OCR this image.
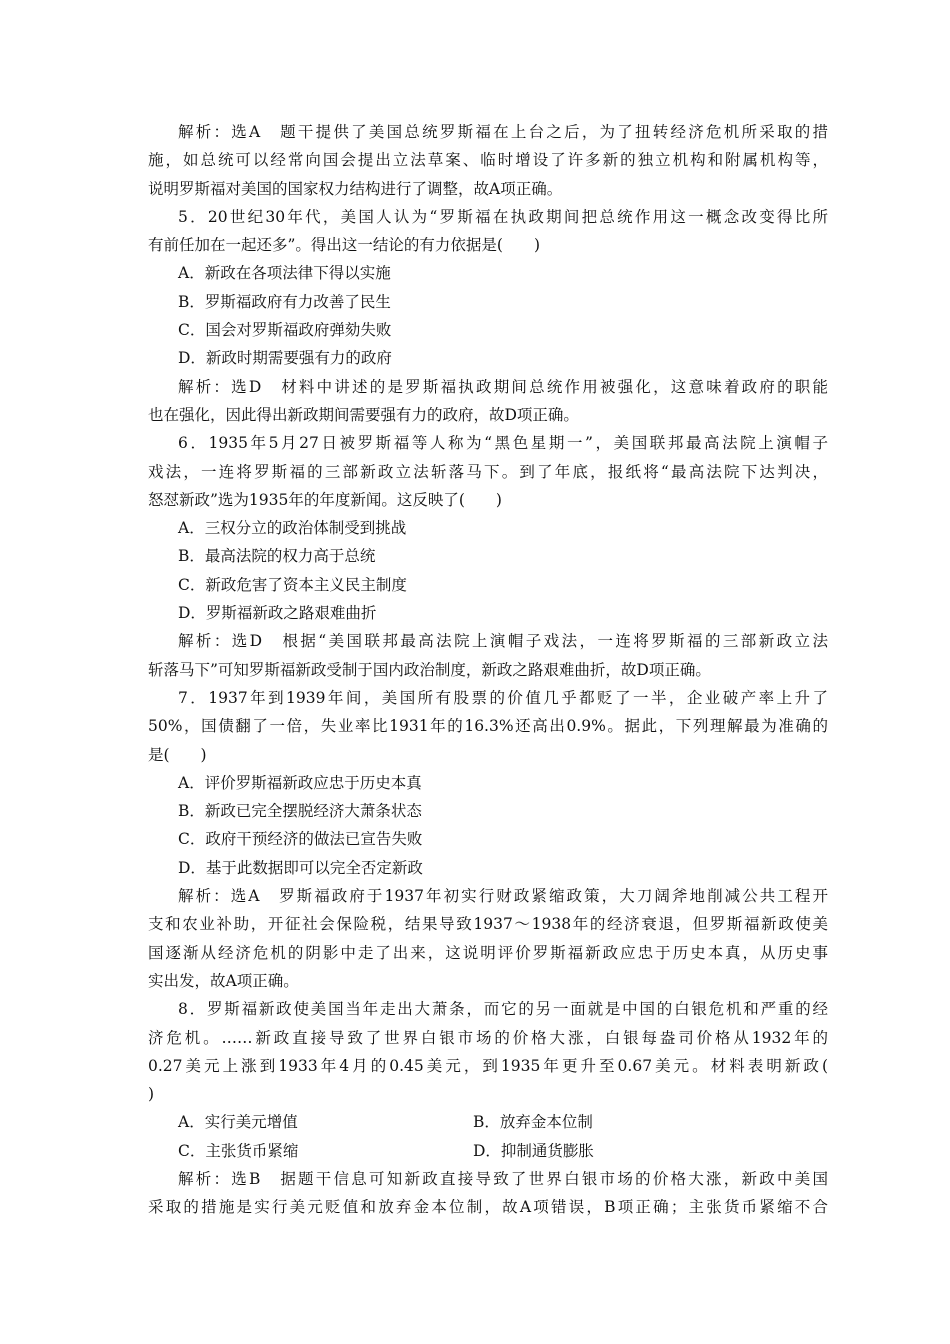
解析：选A　题干提供了美国总统罗斯福在上台之后，为了扭转经济危机所采取的措
施，如总统可以经常向国会提出立法草案、临时增设了许多新的独立机构和附属机构等，
说明罗斯福对美国的国家权力结构进行了调整，故A项正确。
5．20世纪30年代，美国人认为“罗斯福在执政期间把总统作用这一概念改变得比所
有前任加在一起还多”。得出这一结论的有力依据是(　　)
A．新政在各项法律下得以实施
B．罗斯福政府有力改善了民生
C．国会对罗斯福政府弹劾失败
D．新政时期需要强有力的政府
解析：选D　材料中讲述的是罗斯福执政期间总统作用被强化，这意味着政府的职能
也在强化，因此得出新政期间需要强有力的政府，故D项正确。
6．1935年5月27日被罗斯福等人称为“黑色星期一”，美国联邦最高法院上演帽子
戏法，一连将罗斯福的三部新政立法斩落马下。到了年底，报纸将“最高法院下达判决，
怒怼新政”选为1935年的年度新闻。这反映了(　　)
A．三权分立的政治体制受到挑战
B．最高法院的权力高于总统
C．新政危害了资本主义民主制度
D．罗斯福新政之路艰难曲折
解析：选D　根据“美国联邦最高法院上演帽子戏法，一连将罗斯福的三部新政立法
斩落马下”可知罗斯福新政受制于国内政治制度，新政之路艰难曲折，故D项正确。
7．1937年到1939年间，美国所有股票的价值几乎都贬了一半，企业破产率上升了
50%，国债翻了一倍，失业率比1931年的16.3%还高出0.9%。据此，下列理解最为准确的
是(　　)
A．评价罗斯福新政应忠于历史本真
B．新政已完全摆脱经济大萧条状态
C．政府干预经济的做法已宣告失败
D．基于此数据即可以完全否定新政
解析：选A　罗斯福政府于1937年初实行财政紧缩政策，大刀阔斧地削减公共工程开
支和农业补助，开征社会保险税，结果导致1937～1938年的经济衰退，但罗斯福新政使美
国逐渐从经济危机的阴影中走了出来，这说明评价罗斯福新政应忠于历史本真，从历史事
实出发，故A项正确。
8．罗斯福新政使美国当年走出大萧条，而它的另一面就是中国的白银危机和严重的经
济危机。……新政直接导致了世界白银市场的价格大涨，白银每盎司价格从1932年的
0.27美元上涨到1933年4月的0.45美元，到1935年更升至0.67美元。材料表明新政(
)
A．实行美元增值	B．放弃金本位制
C．主张货币紧缩	D．抑制通货膨胀
解析：选B　据题干信息可知新政直接导致了世界白银市场的价格大涨，新政中美国
采取的措施是实行美元贬值和放弃金本位制，故A项错误，B项正确；主张货币紧缩不合
